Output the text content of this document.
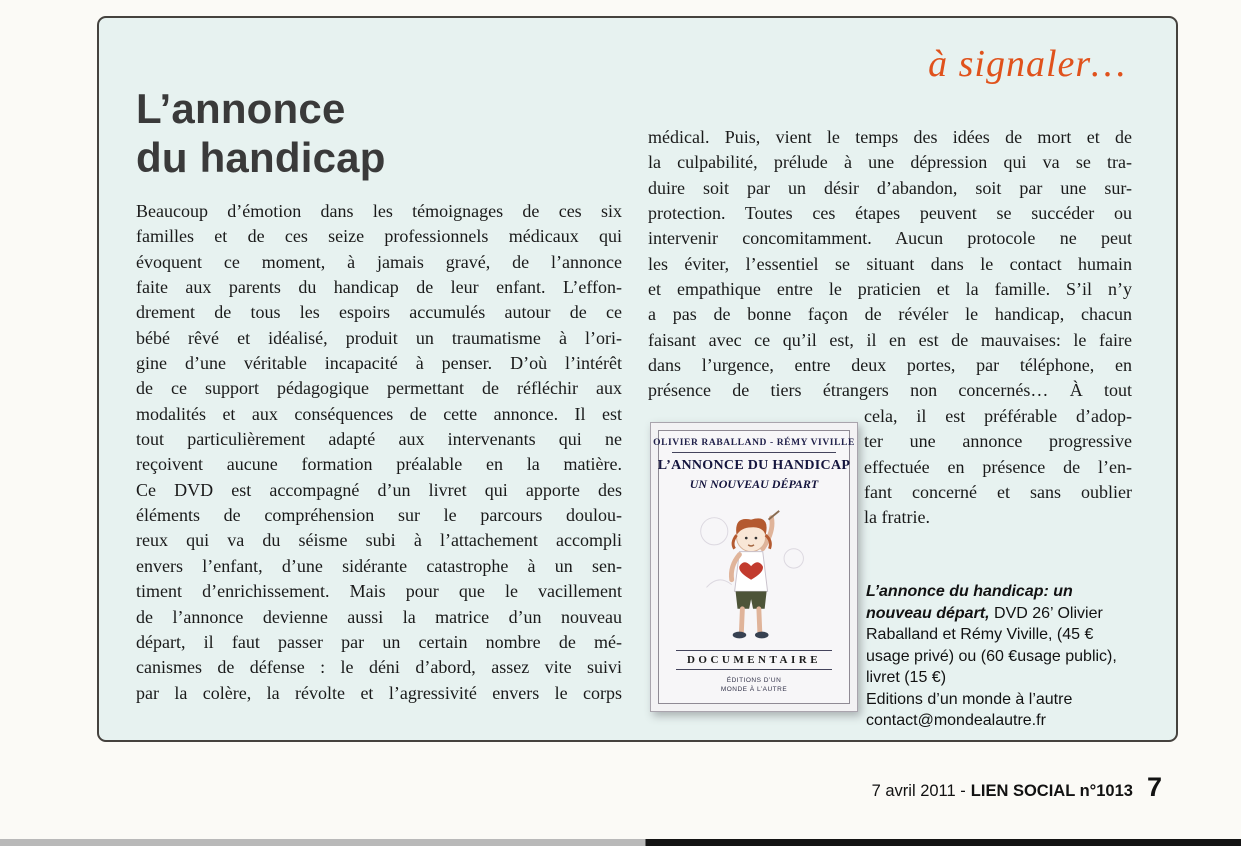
à signaler…
L’annonce
du handicap
Beaucoup d’émotion dans les témoignages de ces six
familles et de ces seize professionnels médicaux qui
évoquent ce moment, à jamais gravé, de l’annonce
faite aux parents du handicap de leur enfant. L’effon-
drement de tous les espoirs accumulés autour de ce
bébé rêvé et idéalisé, produit un traumatisme à l’ori-
gine d’une véritable incapacité à penser. D’où l’intérêt
de ce support pédagogique permettant de réfléchir aux
modalités et aux conséquences de cette annonce. Il est
tout particulièrement adapté aux intervenants qui ne
reçoivent aucune formation préalable en la matière.
Ce DVD est accompagné d’un livret qui apporte des
éléments de compréhension sur le parcours doulou-
reux qui va du séisme subi à l’attachement accompli
envers l’enfant, d’une sidérante catastrophe à un sen-
timent d’enrichissement. Mais pour que le vacillement
de l’annonce devienne aussi la matrice d’un nouveau
départ, il faut passer par un certain nombre de mé-
canismes de défense : le déni d’abord, assez vite suivi
par la colère, la révolte et l’agressivité envers le corps
médical. Puis, vient le temps des idées de mort et de
la culpabilité, prélude à une dépression qui va se tra-
duire soit par un désir d’abandon, soit par une sur-
protection. Toutes ces étapes peuvent se succéder ou
intervenir concomitamment. Aucun protocole ne peut
les éviter, l’essentiel se situant dans le contact humain
et empathique entre le praticien et la famille. S’il n’y
a pas de bonne façon de révéler le handicap, chacun
faisant avec ce qu’il est, il en est de mauvaises: le faire
dans l’urgence, entre deux portes, par téléphone, en
présence de tiers étrangers non concernés… À tout
cela, il est préférable d’adop-
ter une annonce progressive
effectuée en présence de l’en-
fant concerné et sans oublier
la fratrie.
OLIVIER RABALLAND - RÉMY VIVILLE
L’ANNONCE DU HANDICAP
UN NOUVEAU DÉPART
DOCUMENTAIRE
ÉDITIONS D’UN MONDE À L’AUTRE
L’annonce du handicap: un nouveau départ, DVD 26’ Olivier Raballand et Rémy Viville, (45 € usage privé) ou (60 €usage public), livret (15 €)
Editions d’un monde à l’autre
contact@mondealautre.fr
7 avril 2011 - LIEN SOCIAL n°1013 7
